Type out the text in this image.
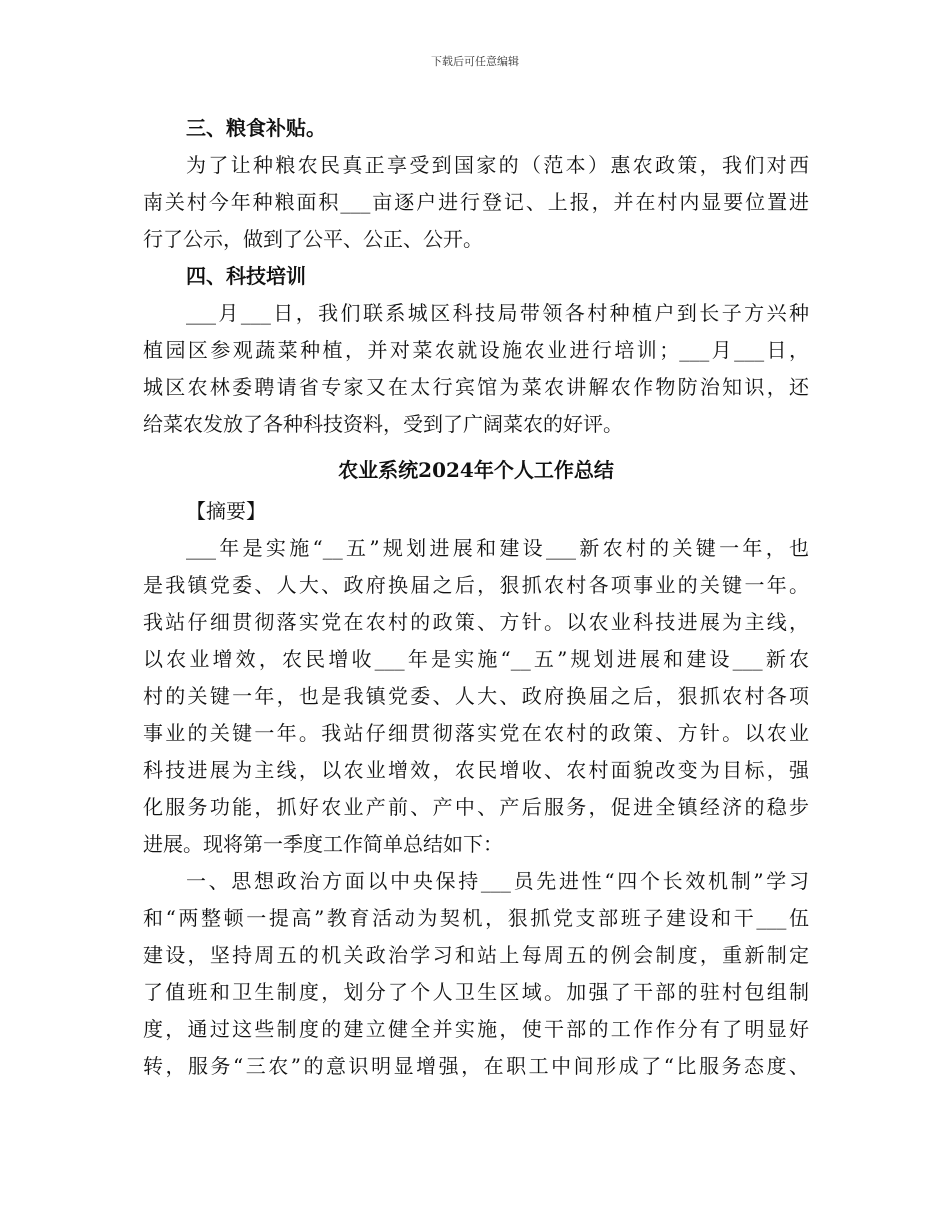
下载后可任意编辑
三、粮食补贴。
为了让种粮农民真正享受到国家的（范本）惠农政策，我们对西
南关村今年种粮面积___亩逐户进行登记、上报，并在村内显要位置进
行了公示，做到了公平、公正、公开。
四、科技培训
___月___日，我们联系城区科技局带领各村种植户到长子方兴种
植园区参观蔬菜种植，并对菜农就设施农业进行培训；___月___日，
城区农林委聘请省专家又在太行宾馆为菜农讲解农作物防治知识，还
给菜农发放了各种科技资料，受到了广阔菜农的好评。
农业系统2024年个人工作总结
【摘要】
___年是实施“__五”规划进展和建设___新农村的关键一年，也
是我镇党委、人大、政府换届之后，狠抓农村各项事业的关键一年。
我站仔细贯彻落实党在农村的政策、方针。以农业科技进展为主线，
以农业增效，农民增收___年是实施“__五”规划进展和建设___新农
村的关键一年，也是我镇党委、人大、政府换届之后，狠抓农村各项
事业的关键一年。我站仔细贯彻落实党在农村的政策、方针。以农业
科技进展为主线，以农业增效，农民增收、农村面貌改变为目标，强
化服务功能，抓好农业产前、产中、产后服务，促进全镇经济的稳步
进展。现将第一季度工作简单总结如下：
一、思想政治方面以中央保持___员先进性“四个长效机制”学习
和“两整顿一提高”教育活动为契机，狠抓党支部班子建设和干___伍
建设，坚持周五的机关政治学习和站上每周五的例会制度，重新制定
了值班和卫生制度，划分了个人卫生区域。加强了干部的驻村包组制
度，通过这些制度的建立健全并实施，使干部的工作作分有了明显好
转，服务“三农”的意识明显增强，在职工中间形成了“比服务态度、
